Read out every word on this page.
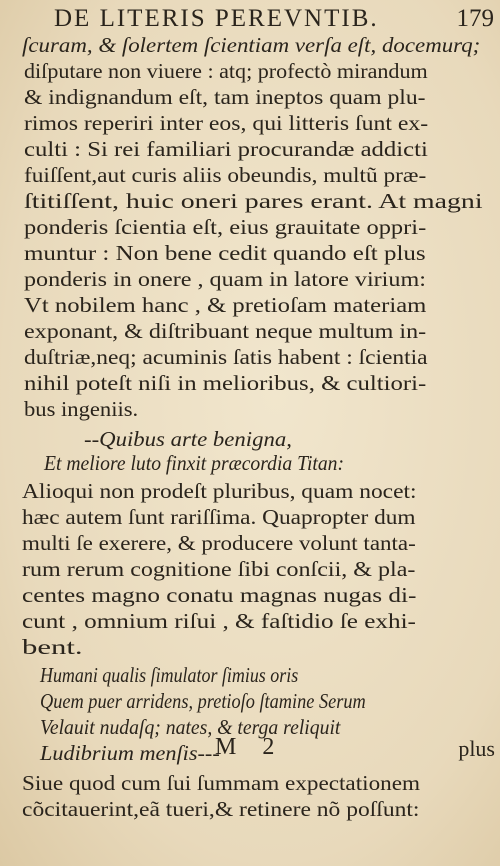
DE LITERIS PEREVNTIB.	179
ſcuram, & ſolertem ſcientiam verſa eſt, docemurq;
diſputare non viuere : atq; profectò mirandum
& indignandum eſt, tam ineptos quam plu-
rimos reperiri inter eos, qui litteris ſunt ex-
culti : Si rei familiari procurandæ addicti
fuiſſent,aut curis aliis obeundis, multũ præ-
ſtitiſſent, huic oneri pares erant. At magni
ponderis ſcientia eſt, eius grauitate oppri-
muntur : Non bene cedit quando eſt plus
ponderis in onere , quam in latore virium:
Vt nobilem hanc , & pretioſam materiam
exponant, & diſtribuant neque multum in-
duſtriæ,neq; acuminis ſatis habent : ſcientia
nihil poteſt niſi in melioribus, & cultiori-
bus ingeniis.
--Quibus arte benigna,
Et meliore luto finxit præcordia Titan:
Alioqui non prodeſt pluribus, quam nocet:
hæc autem ſunt rariſſima. Quapropter dum
multi ſe exerere, & producere volunt tanta-
rum rerum cognitione ſibi conſcii, & pla-
centes magno conatu magnas nugas di-
cunt , omnium riſui , & faſtidio ſe exhi-
bent.
Humani qualis ſimulator ſimius oris
Quem puer arridens, pretioſo ſtamine Serum
Velauit nudaſq; nates, & terga reliquit
Ludibrium menſis---
Siue quod cum ſui ſummam expectationem
cõcitauerint,eã tueri,& retinere nõ poſſunt:
M 2	plus
